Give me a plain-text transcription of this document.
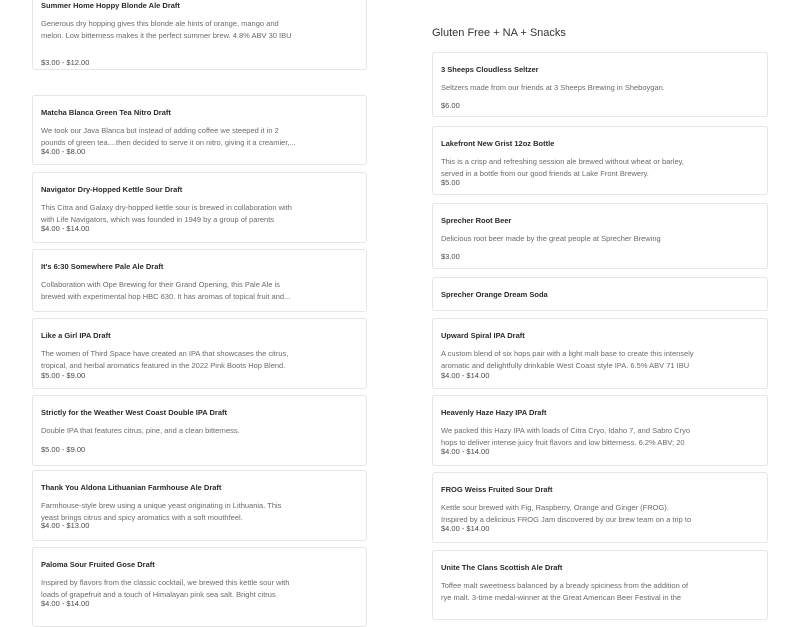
Summer Home Hoppy Blonde Ale Draft
Generous dry hopping gives this blonde ale hints of orange, mango and melon. Low bitterness makes it the perfect summer brew. 4.8% ABV 30 IBU
$3.00 - $12.00
Matcha Blanca Green Tea Nitro Draft
We took our Java Blanca but instead of adding coffee we steeped it in 2 pounds of green tea....then decided to serve it on nitro, giving it a creamier,...
$4.00 - $8.00
Navigator Dry-Hopped Kettle Sour Draft
This Citra and Galaxy dry-hopped kettle sour is brewed in collaboration with with Life Navigators, which was founded in 1949 by a group of parents
$4.00 - $14.00
It's 6:30 Somewhere Pale Ale Draft
Collaboration with Ope Brewing for their Grand Opening, this Pale Ale is brewed with experimental hop HBC 630. It has aromas of topical fruit and...
Like a Girl IPA Draft
The women of Third Space have created an IPA that showcases the citrus, tropical, and herbal aromatics featured in the 2022 Pink Boots Hop Blend.
$5.00 - $9.00
Strictly for the Weather West Coast Double IPA Draft
Double IPA that features citrus, pine, and a clean bitterness.
$5.00 - $9.00
Thank You Aldona Lithuanian Farmhouse Ale Draft
Farmhouse-style brew using a unique yeast originating in Lithuania. This yeast brings citrus and spicy aromatics with a soft mouthfeel.
$4.00 - $13.00
Paloma Sour Fruited Gose Draft
Inspired by flavors from the classic cocktail, we brewed this kettle sour with loads of grapefruit and a touch of Himalayan pink sea salt. Bright citrus
$4.00 - $14.00
Gluten Free + NA + Snacks
3 Sheeps Cloudless Seltzer
Seltzers made from our friends at 3 Sheeps Brewing in Sheboygan.
$6.00
Lakefront New Grist 12oz Bottle
This is a crisp and refreshing session ale brewed without wheat or barley, served in a bottle from our good friends at Lake Front Brewery.
$5.00
Sprecher Root Beer
Delicious root beer made by the great people at Sprecher Brewing
$3.00
Sprecher Orange Dream Soda
Upward Spiral IPA Draft
A custom blend of six hops pair with a light malt base to create this intensely aromatic and delightfully drinkable West Coast style IPA. 6.5% ABV 71 IBU
$4.00 - $14.00
Heavenly Haze Hazy IPA Draft
We packed this Hazy IPA with loads of Citra Cryo, Idaho 7, and Sabro Cryo hops to deliver intense juicy fruit flavors and low bitterness. 6.2% ABV; 20
$4.00 - $14.00
FROG Weiss Fruited Sour Draft
Kettle sour brewed with Fig, Raspberry, Orange and Ginger (FROG). Inspired by a delicious FROG Jam discovered by our brew team on a trip to
$4.00 - $14.00
Unite The Clans Scottish Ale Draft
Toffee malt sweetness balanced by a bready spiciness from the addition of rye malt. 3-time medal-winner at the Great American Beer Festival in the
